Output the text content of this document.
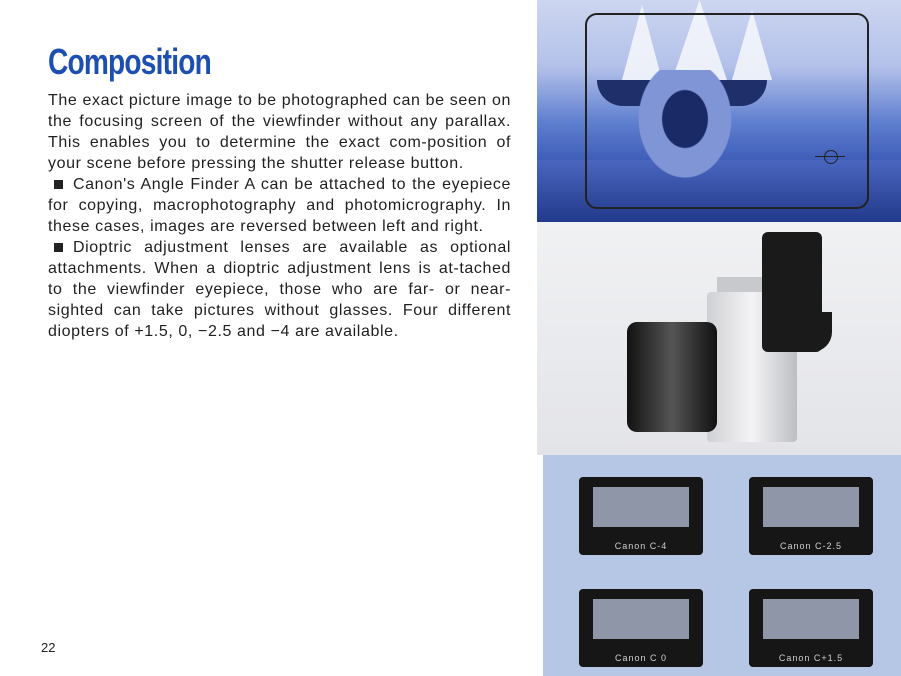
Composition

The exact picture image to be photographed can be seen on the focusing screen of the viewfinder without any parallax. This enables you to determine the exact com-position of your scene before pressing the shutter release button.

Canon's Angle Finder A can be attached to the eyepiece for copying, macrophotography and photomicrography. In these cases, images are reversed between left and right.

Dioptric adjustment lenses are available as optional attachments. When a dioptric adjustment lens is at-tached to the viewfinder eyepiece, those who are far- or near-sighted can take pictures without glasses. Four different diopters of +1.5, 0, −2.5 and −4 are available.

22
Canon C-4	Canon C-2.5
Canon C 0	Canon C+1.5
